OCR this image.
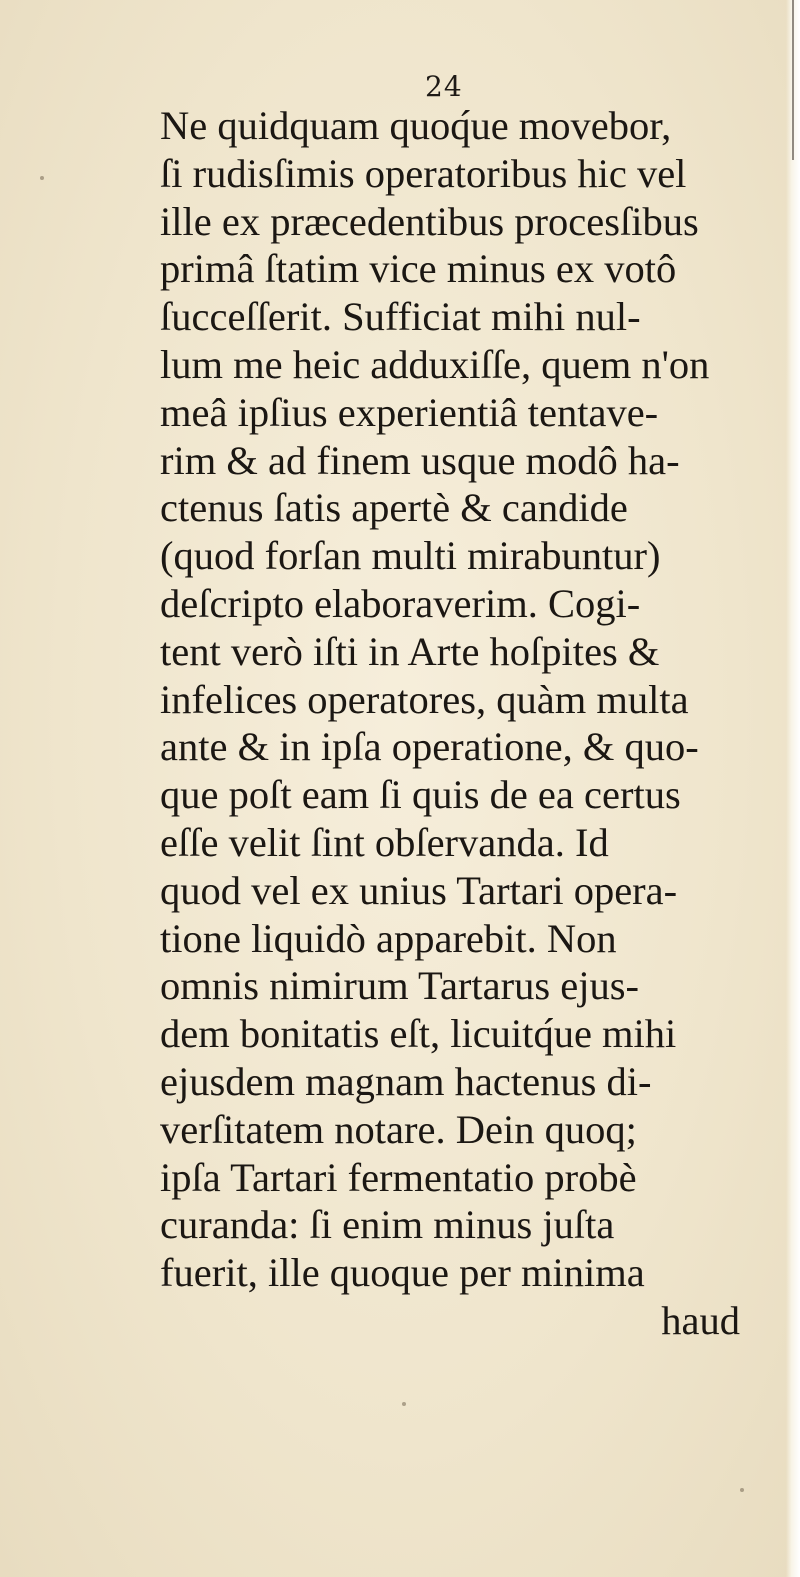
24
Ne quidquam quoq́ue movebor,
ſi rudisſimis operatoribus hic vel
ille ex præcedentibus procesſibus
primâ ſtatim vice minus ex votô
ſucceſſerit. Sufficiat mihi nul-
lum me heic adduxiſſe, quem n'on
meâ ipſius experientiâ tentave-
rim & ad finem usque modô ha-
ctenus ſatis apertè & candide
(quod forſan multi mirabuntur)
deſcripto elaboraverim. Cogi-
tent verò iſti in Arte hoſpites &
infelices operatores, quàm multa
ante & in ipſa operatione, & quo-
que poſt eam ſi quis de ea certus
eſſe velit ſint obſervanda. Id
quod vel ex unius Tartari opera-
tione liquidò apparebit. Non
omnis nimirum Tartarus ejus-
dem bonitatis eſt, licuitq́ue mihi
ejusdem magnam hactenus di-
verſitatem notare. Dein quoq;
ipſa Tartari fermentatio probè
curanda: ſi enim minus juſta
fuerit, ille quoque per minima
haud
